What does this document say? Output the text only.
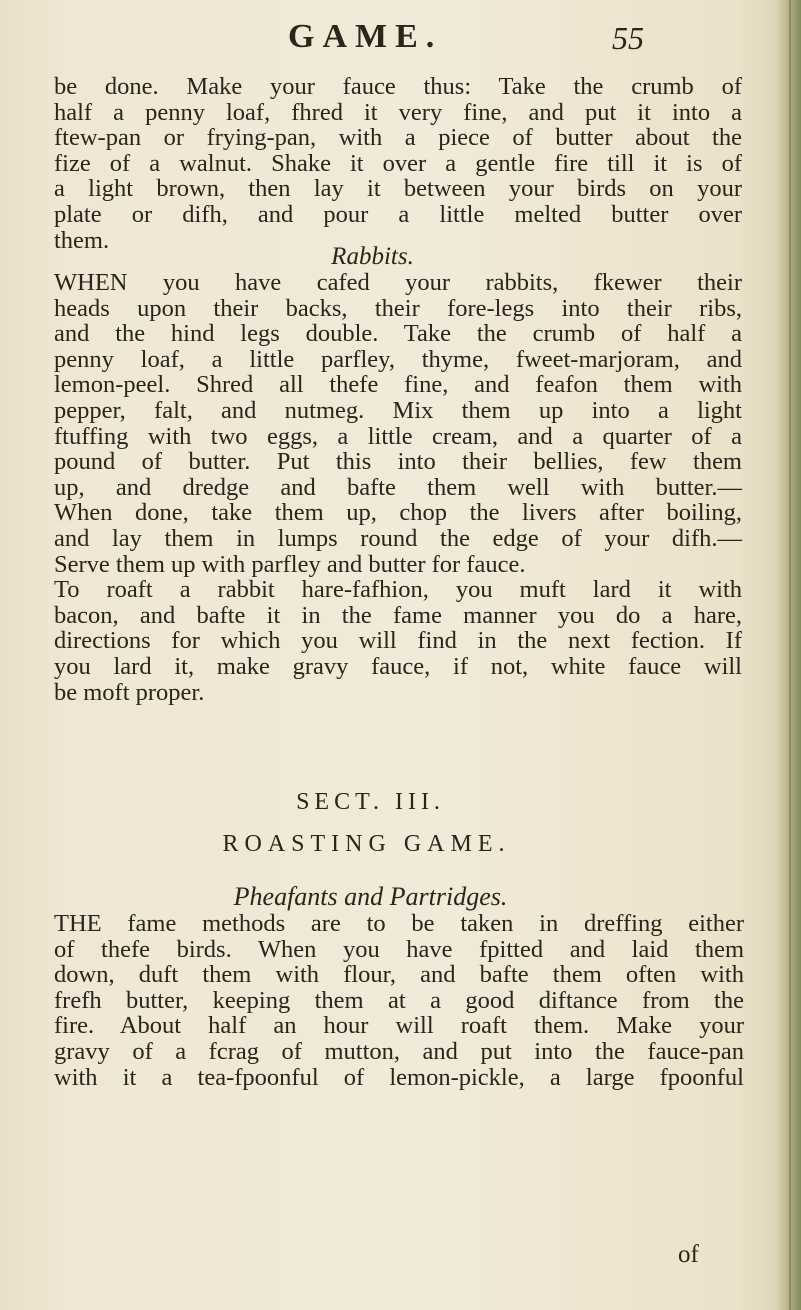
GAME.	55
be done. Make your fauce thus: Take the crumb of
half a penny loaf, fhred it very fine, and put it into a
ftew-pan or frying-pan, with a piece of butter about the
fize of a walnut. Shake it over a gentle fire till it is of
a light brown, then lay it between your birds on your
plate or difh, and pour a little melted butter over
them.
Rabbits.
WHEN you have cafed your rabbits, fkewer their
heads upon their backs, their fore-legs into their ribs,
and the hind legs double. Take the crumb of half a
penny loaf, a little parfley, thyme, fweet-marjoram, and
lemon-peel. Shred all thefe fine, and feafon them with
pepper, falt, and nutmeg. Mix them up into a light
ftuffing with two eggs, a little cream, and a quarter of a
pound of butter. Put this into their bellies, few them
up, and dredge and bafte them well with butter.—
When done, take them up, chop the livers after boiling,
and lay them in lumps round the edge of your difh.—
Serve them up with parfley and butter for fauce.
To roaft a rabbit hare-fafhion, you muft lard it with
bacon, and bafte it in the fame manner you do a hare,
directions for which you will find in the next fection. If
you lard it, make gravy fauce, if not, white fauce will
be moft proper.
SECT. III.
ROASTING GAME.
Pheafants and Partridges.
THE fame methods are to be taken in dreffing either
of thefe birds. When you have fpitted and laid them
down, duft them with flour, and bafte them often with
frefh butter, keeping them at a good diftance from the
fire. About half an hour will roaft them. Make your
gravy of a fcrag of mutton, and put into the fauce-pan
with it a tea-fpoonful of lemon-pickle, a large fpoonful
of
